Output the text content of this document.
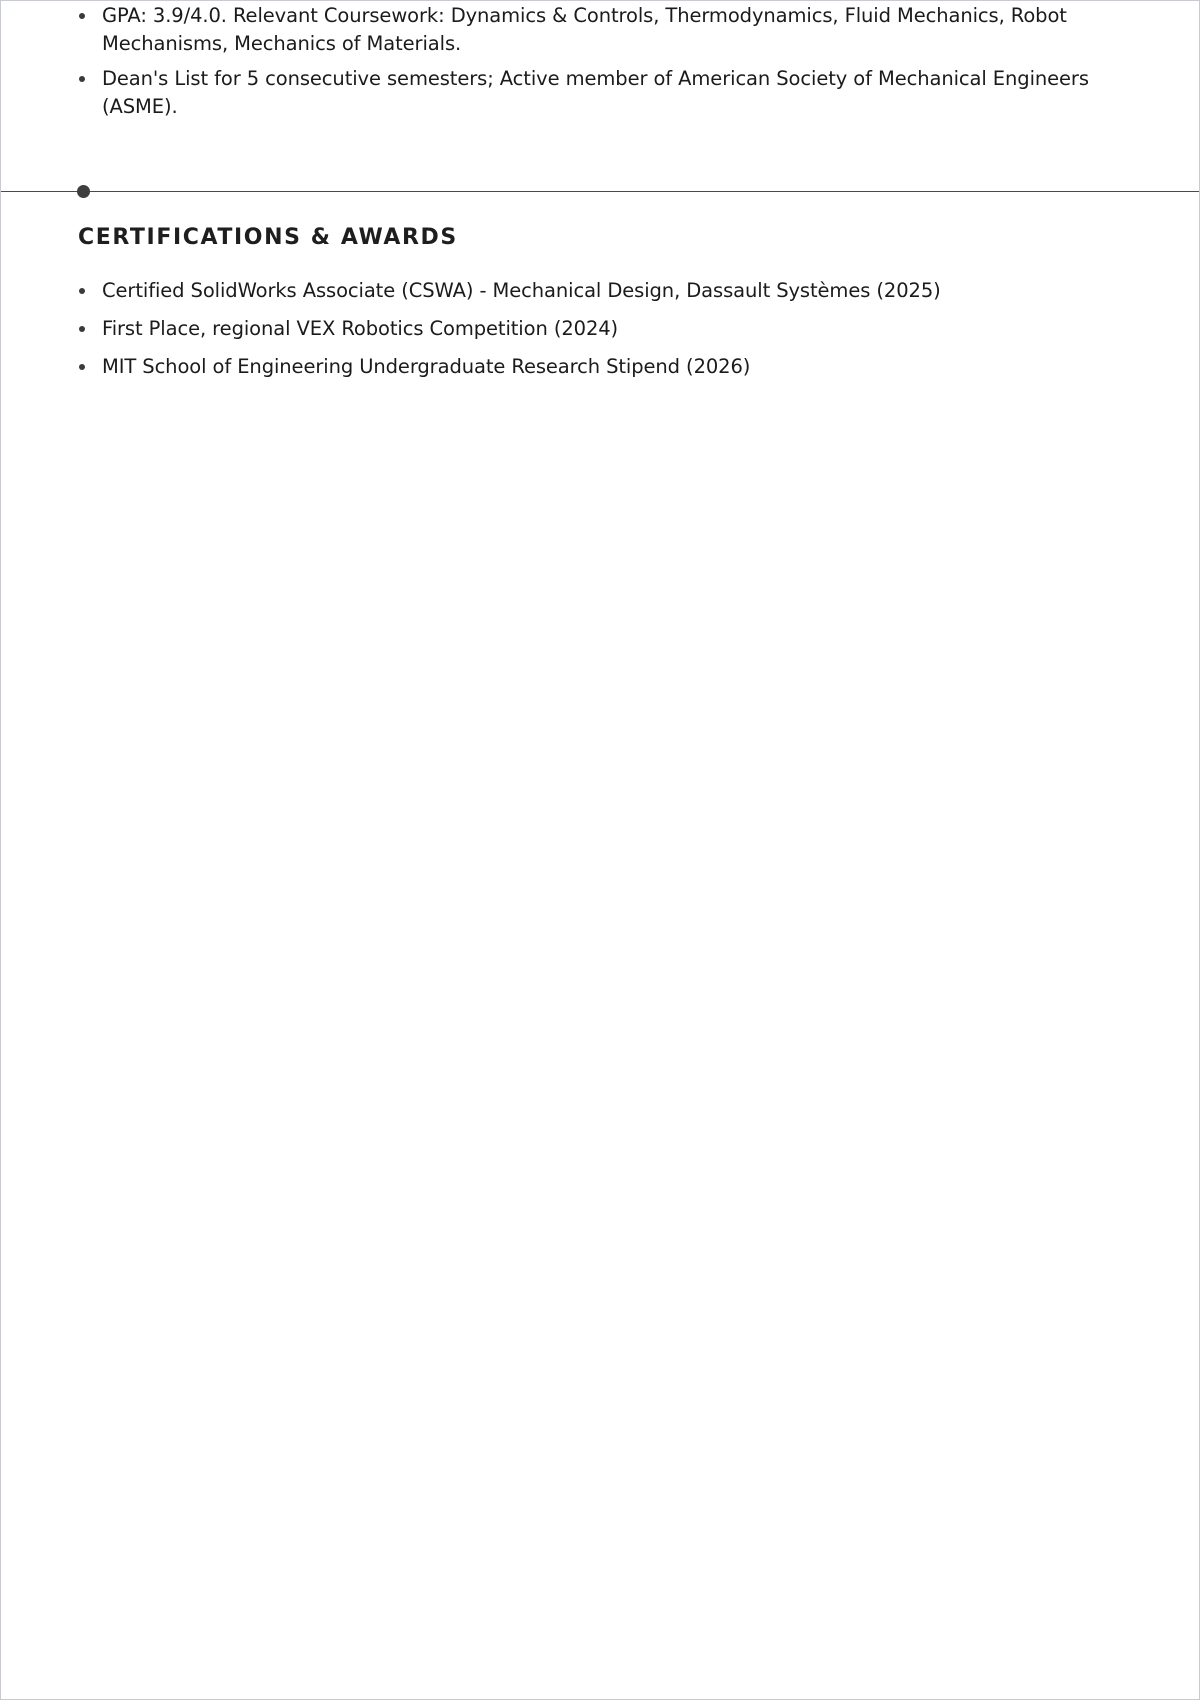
GPA: 3.9/4.0. Relevant Coursework: Dynamics & Controls, Thermodynamics, Fluid Mechanics, Robot Mechanisms, Mechanics of Materials.
Dean's List for 5 consecutive semesters; Active member of American Society of Mechanical Engineers (ASME).
CERTIFICATIONS & AWARDS
Certified SolidWorks Associate (CSWA) - Mechanical Design, Dassault Systèmes (2025)
First Place, regional VEX Robotics Competition (2024)
MIT School of Engineering Undergraduate Research Stipend (2026)
